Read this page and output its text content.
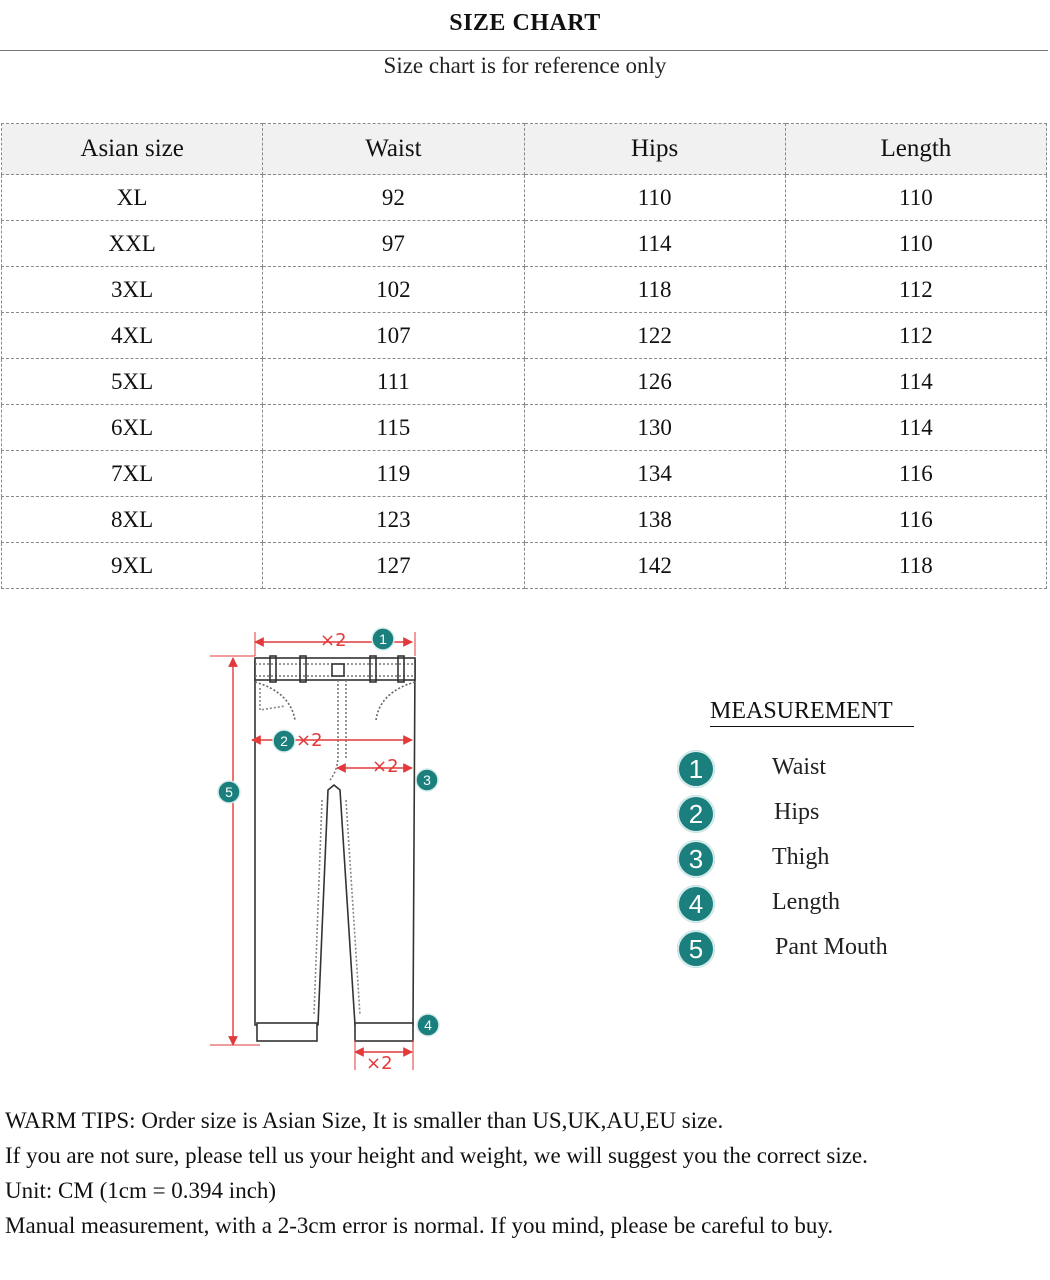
SIZE CHART
Size chart is for reference only
Asian size	Waist	Hips	Length
XL	92	110	110
XXL	97	114	110
3XL	102	118	112
4XL	107	122	112
5XL	111	126	114
6XL	115	130	114
7XL	119	134	116
8XL	123	138	116
9XL	127	142	118
×2
×2
×2
×2
1
2
3
4
5
MEASUREMENT
1	Waist
2	Hips
3	Thigh
4	Length
5	Pant Mouth
WARM TIPS: Order size is Asian Size, It is smaller than US,UK,AU,EU size.
If you are not sure, please tell us your height and weight, we will suggest you the correct size.
Unit: CM (1cm = 0.394 inch)
Manual measurement, with a 2-3cm error is normal. If you mind, please be careful to buy.
